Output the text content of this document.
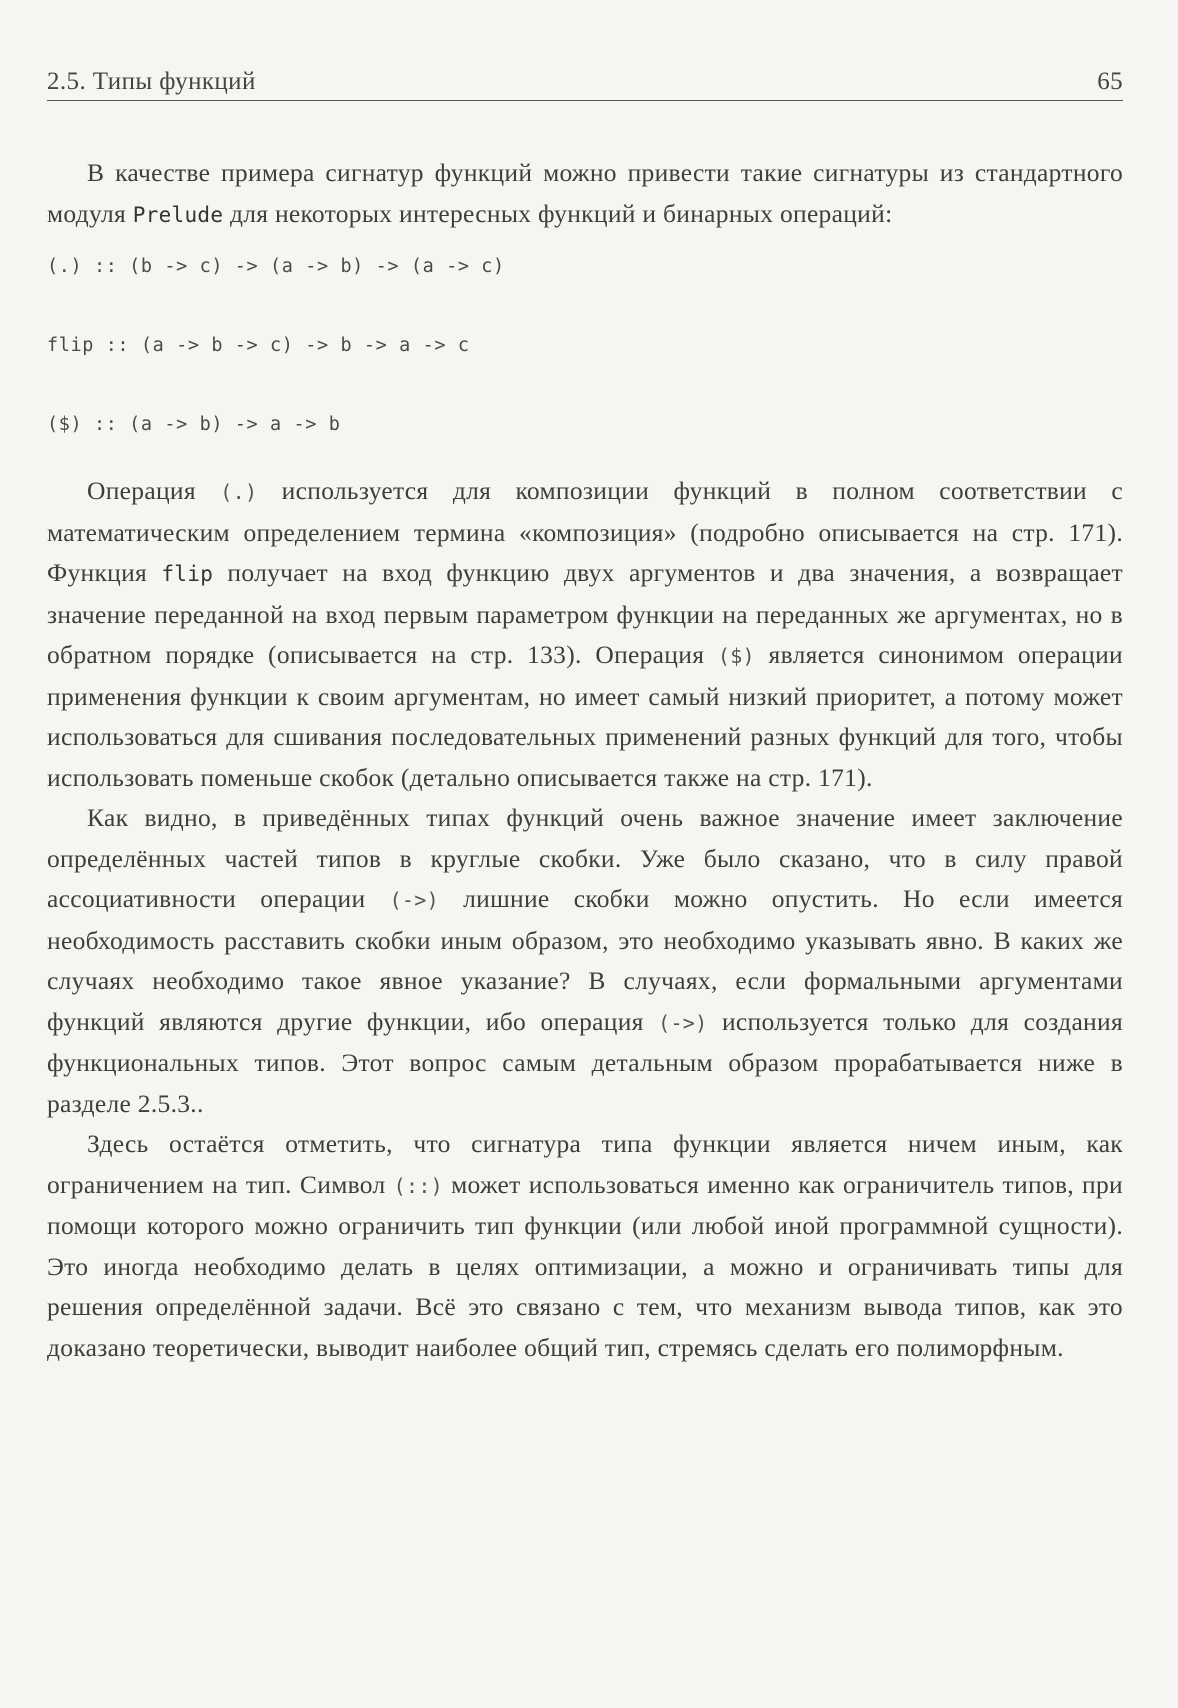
2.5. Типы функций	65

В качестве примера сигнатур функций можно привести такие сигнатуры из стандартного модуля Prelude для некоторых интересных функций и бинарных операций:

(.) :: (b -> c) -> (a -> b) -> (a -> c)
flip :: (a -> b -> c) -> b -> a -> c
($) :: (a -> b) -> a -> b

Операция (.) используется для композиции функций в полном соответствии с математическим определением термина «композиция» (подробно описывается на стр. 171). Функция flip получает на вход функцию двух аргументов и два значения, а возвращает значение переданной на вход первым параметром функции на переданных же аргументах, но в обратном порядке (описывается на стр. 133). Операция ($) является синонимом операции применения функции к своим аргументам, но имеет самый низкий приоритет, а потому может использоваться для сшивания последовательных применений разных функций для того, чтобы использовать поменьше скобок (детально описывается также на стр. 171).

Как видно, в приведённых типах функций очень важное значение имеет заключение определённых частей типов в круглые скобки. Уже было сказано, что в силу правой ассоциативности операции (->) лишние скобки можно опустить. Но если имеется необходимость расставить скобки иным образом, это необходимо указывать явно. В каких же случаях необходимо такое явное указание? В случаях, если формальными аргументами функций являются другие функции, ибо операция (->) используется только для создания функциональных типов. Этот вопрос самым детальным образом прорабатывается ниже в разделе 2.5.3..

Здесь остаётся отметить, что сигнатура типа функции является ничем иным, как ограничением на тип. Символ (::) может использоваться именно как ограничитель типов, при помощи которого можно ограничить тип функции (или любой иной программной сущности). Это иногда необходимо делать в целях оптимизации, а можно и ограничивать типы для решения определённой задачи. Всё это связано с тем, что механизм вывода типов, как это доказано теоретически, выводит наиболее общий тип, стремясь сделать его полиморфным.
